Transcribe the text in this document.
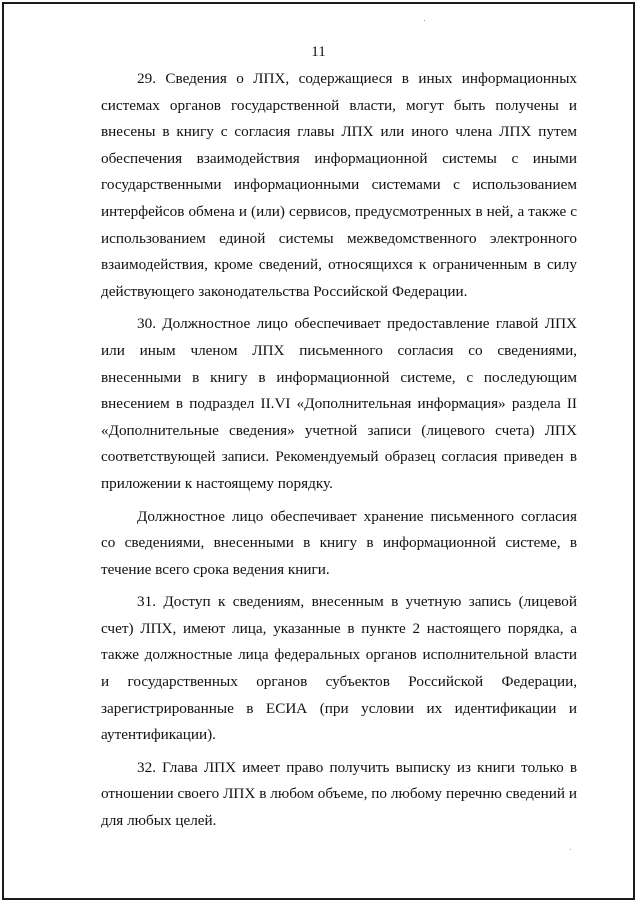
11

29. Сведения о ЛПХ, содержащиеся в иных информационных системах органов государственной власти, могут быть получены и внесены в книгу с согласия главы ЛПХ или иного члена ЛПХ путем обеспечения взаимодействия информационной системы с иными государственными информационными системами с использованием интерфейсов обмена и (или) сервисов, предусмотренных в ней, а также с использованием единой системы межведомственного электронного взаимодействия, кроме сведений, относящихся к ограниченным в силу действующего законодательства Российской Федерации.

30. Должностное лицо обеспечивает предоставление главой ЛПХ или иным членом ЛПХ письменного согласия со сведениями, внесенными в книгу в информационной системе, с последующим внесением в подраздел II.VI «Дополнительная информация» раздела II «Дополнительные сведения» учетной записи (лицевого счета) ЛПХ соответствующей записи. Рекомендуемый образец согласия приведен в приложении к настоящему порядку.

Должностное лицо обеспечивает хранение письменного согласия со сведениями, внесенными в книгу в информационной системе, в течение всего срока ведения книги.

31. Доступ к сведениям, внесенным в учетную запись (лицевой счет) ЛПХ, имеют лица, указанные в пункте 2 настоящего порядка, а также должностные лица федеральных органов исполнительной власти и государственных органов субъектов Российской Федерации, зарегистрированные в ЕСИА (при условии их идентификации и аутентификации).

32. Глава ЛПХ имеет право получить выписку из книги только в отношении своего ЛПХ в любом объеме, по любому перечню сведений и для любых целей.
